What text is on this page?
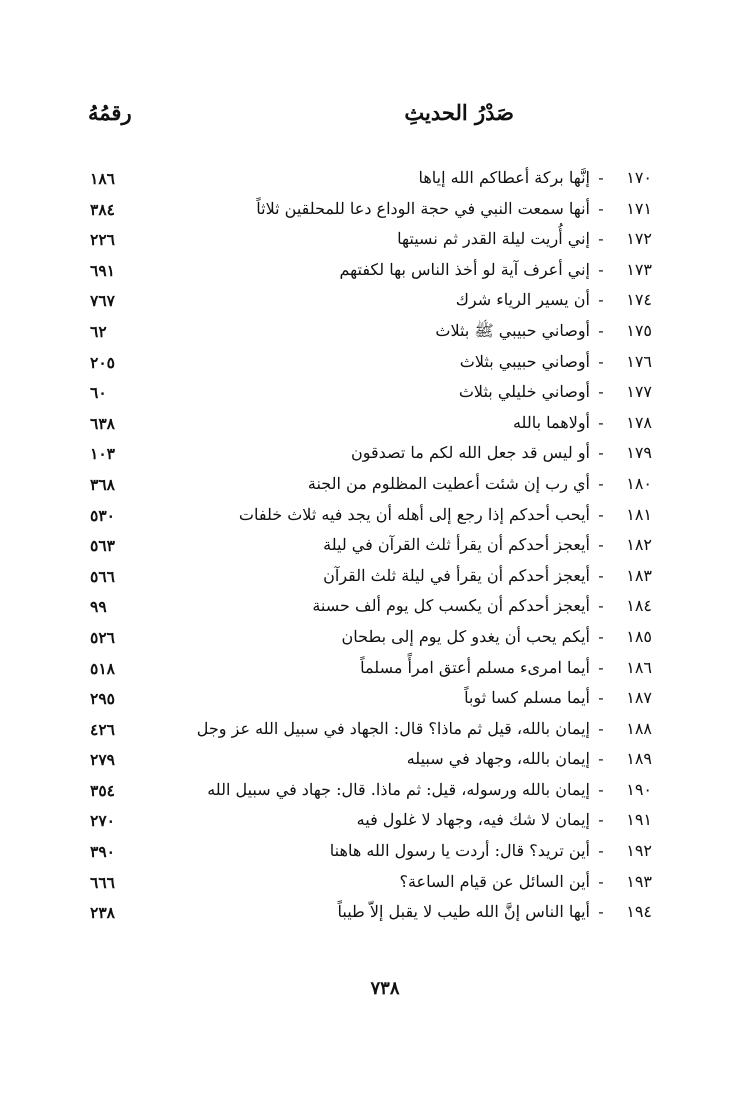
رقمُهُ	صَدْرُ الحديثِ
١٨٦	١٧٠-إنَّها بركة أعطاكم الله إياها
٣٨٤	١٧١-أنها سمعت النبي في حجة الوداع دعا للمحلقين ثلاثاً
٢٢٦	١٧٢-إني أُريت ليلة القدر ثم نسيتها
٦٩١	١٧٣-إني أعرف آية لو أخذ الناس بها لكفتهم
٧٦٧	١٧٤-أن يسير الرياء شرك
٦٢	١٧٥-أوصاني حبيبي ﷺ بثلاث
٢٠٥	١٧٦-أوصاني حبيبي بثلاث
٦٠	١٧٧-أوصاني خليلي بثلاث
٦٣٨	١٧٨-أولاهما بالله
١٠٣	١٧٩-أو ليس قد جعل الله لكم ما تصدقون
٣٦٨	١٨٠-أي رب إن شئت أعطيت المظلوم من الجنة
٥٣٠	١٨١-أيحب أحدكم إذا رجع إلى أهله أن يجد فيه ثلاث خلفات
٥٦٣	١٨٢-أيعجز أحدكم أن يقرأ ثلث القرآن في ليلة
٥٦٦	١٨٣-أيعجز أحدكم أن يقرأ في ليلة ثلث القرآن
٩٩	١٨٤-أيعجز أحدكم أن يكسب كل يوم ألف حسنة
٥٢٦	١٨٥-أيكم يحب أن يغدو كل يوم إلى بطحان
٥١٨	١٨٦-أيما امرىء مسلم أعتق امرأً مسلماً
٢٩٥	١٨٧-أيما مسلم كسا ثوباً
٤٢٦	١٨٨-إيمان بالله، قيل ثم ماذا؟ قال: الجهاد في سبيل الله عز وجل
٢٧٩	١٨٩-إيمان بالله، وجهاد في سبيله
٣٥٤	١٩٠-إيمان بالله ورسوله، قيل: ثم ماذا. قال: جهاد في سبيل الله
٢٧٠	١٩١-إيمان لا شك فيه، وجهاد لا غلول فيه
٣٩٠	١٩٢-أين تريد؟ قال: أردت يا رسول الله هاهنا
٦٦٦	١٩٣-أين السائل عن قيام الساعة؟
٢٣٨	١٩٤-أيها الناس إنَّ الله طيب لا يقبل إلاّ طيباً
٧٣٨
